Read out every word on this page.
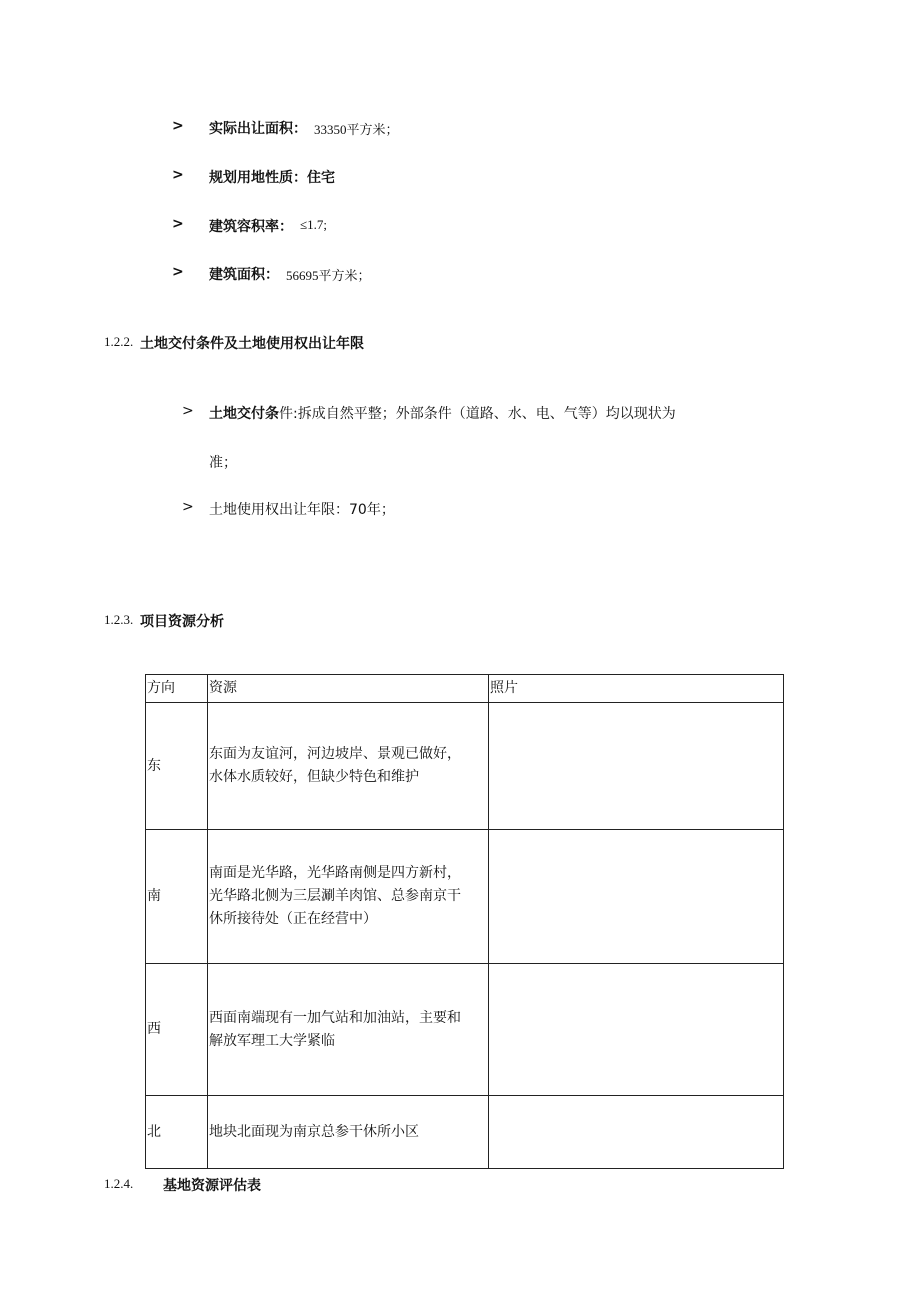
> 实际出让面积： 33350平方米；
> 规划用地性质：住宅
> 建筑容积率： ≤1.7;
> 建筑面积： 56695平方米；
1.2.2. 土地交付条件及土地使用权出让年限
> 土地交付条 件:拆成自然平整；外部条件（道路、水、电、气等）均以现状为
准；
> 土地使用权出让年限：70年；
1.2.3. 项目资源分析
方向	资源	照片
东	东面为友谊河，河边坡岸、景观已做好，
水体水质较好，但缺少特色和维护	

南	南面是光华路，光华路南侧是四方新村，
光华路北侧为三层涮羊肉馆、总参南京干
休所接待处（正在经营中）	

西	西面南端现有一加气站和加油站，主要和
解放军理工大学紧临	

北	地块北面现为南京总参干休所小区	

1.2.4. 基地资源评估表
